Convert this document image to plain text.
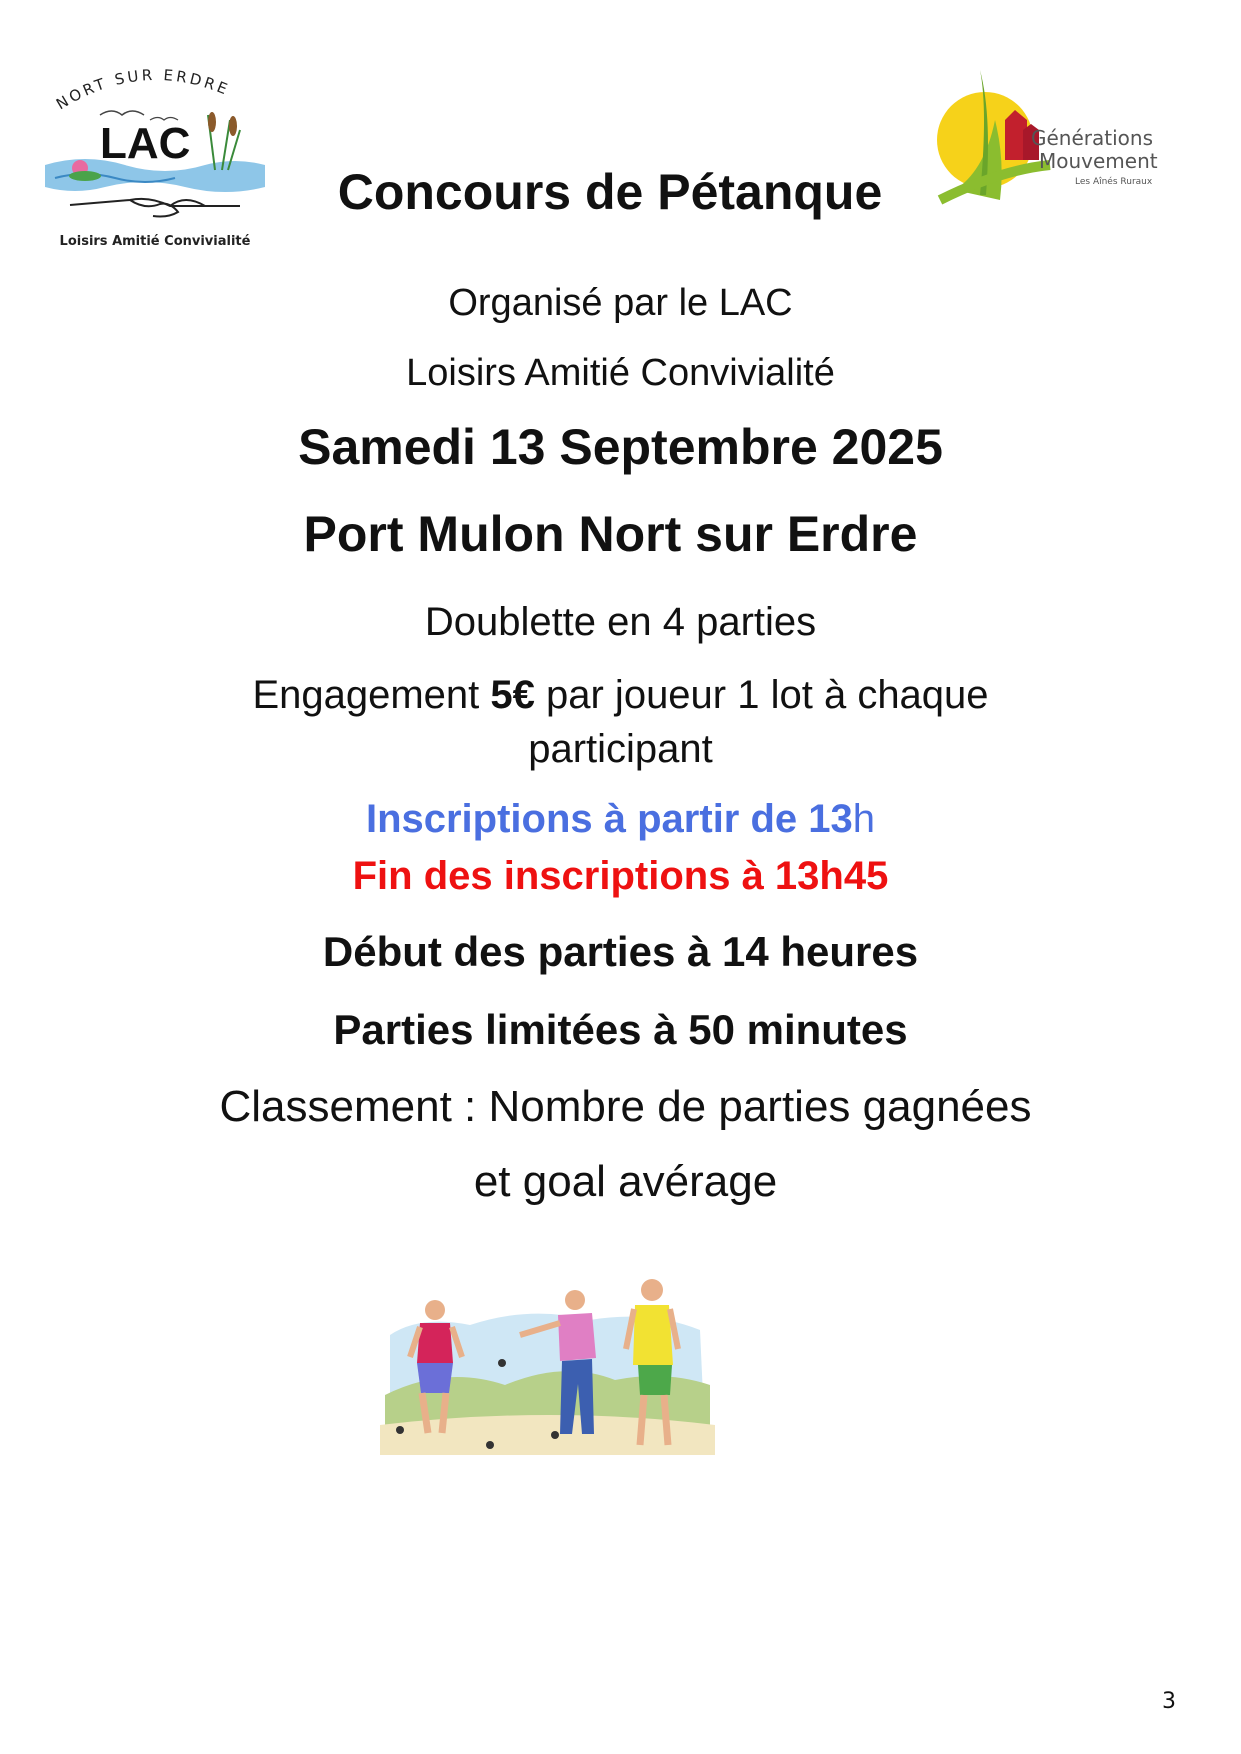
NORT SUR ERDRE
LAC
Loisirs Amitié Convivialité
Générations
Mouvement
Les Aînés Ruraux
Concours de Pétanque
Organisé par le LAC
Loisirs Amitié Convivialité
Samedi 13 Septembre 2025
Port Mulon Nort sur Erdre
Doublette en 4 parties
Engagement 5€ par joueur 1 lot à chaque
participant
Inscriptions à partir de 13h
Fin des inscriptions à 13h45
Début des parties à 14 heures
Parties limitées à 50 minutes
Classement : Nombre de parties gagnées
et goal avérage
3
